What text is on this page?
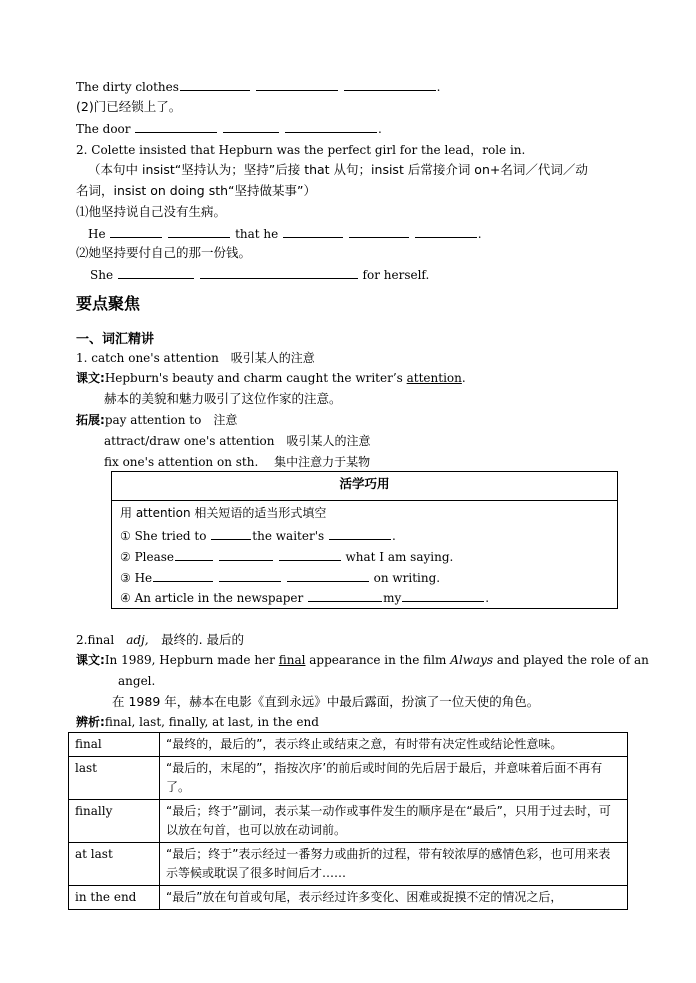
The dirty clothes	.
(2)门已经锁上了。
The door	.
2. Colette insisted that Hepburn was the perfect girl for the lead，role in.
（本句中 insist“坚持认为；坚持”后接 that 从句；insist 后常接介词 on+名词／代词／动
名词，insist on doing sth“坚持做某事”）
⑴他坚持说自己没有生病。
He	that he	.
⑵她坚持要付自己的那一份钱。
She	for herself.
要点聚焦
一、词汇精讲
1. catch one's attention　吸引某人的注意
课文:Hepburn's beauty and charm caught the writer’s attention.
赫本的美貌和魅力吸引了这位作家的注意。
拓展:pay attention to　注意
attract/draw one's attention　吸引某人的注意
fix one's attention on sth.　 集中注意力于某物
活学巧用
用 attention 相关短语的适当形式填空
① She tried to	the waiter's	.
② Please	what I am saying.
③ He	on writing.
④ An article in the newspaper	my	.
2.final　adj,　最终的. 最后的
课文:In 1989, Hepburn made her final appearance in the film Always and played the role of an
angel.
在 1989 年，赫本在电影《直到永远》中最后露面，扮演了一位天使的角色。
辨析:final, last, finally, at last, in the end
final	“最终的，最后的”，表示终止或结束之意，有时带有决定性或结论性意味。
last	“最后的，末尾的”，指按次序’的前后或时间的先后居于最后，并意味着后面不再有了。
finally	“最后；终于”副词，表示某一动作或事件发生的顺序是在“最后”，只用于过去时，可以放在句首，也可以放在动词前。
at last	“最后；终于”表示经过一番努力或曲折的过程，带有较浓厚的感情色彩，也可用来表示等候或耽误了很多时间后才……
in the end	“最后”放在句首或句尾，表示经过许多变化、困难或捉摸不定的情况之后，
